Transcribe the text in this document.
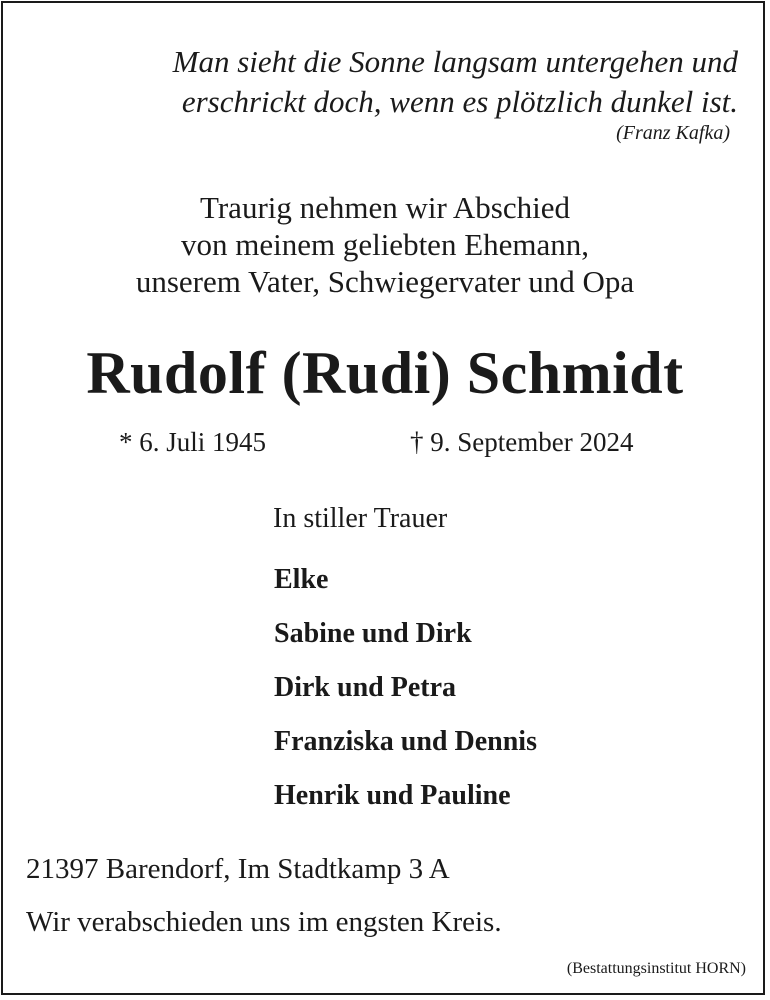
Man sieht die Sonne langsam untergehen und
erschrickt doch, wenn es plötzlich dunkel ist.
(Franz Kafka)
Traurig nehmen wir Abschied
von meinem geliebten Ehemann,
unserem Vater, Schwiegervater und Opa
Rudolf (Rudi) Schmidt
* 6. Juli 1945	† 9. September 2024
In stiller Trauer
Elke
Sabine und Dirk
Dirk und Petra
Franziska und Dennis
Henrik und Pauline
21397 Barendorf, Im Stadtkamp 3 A
Wir verabschieden uns im engsten Kreis.
(Bestattungsinstitut HORN)
